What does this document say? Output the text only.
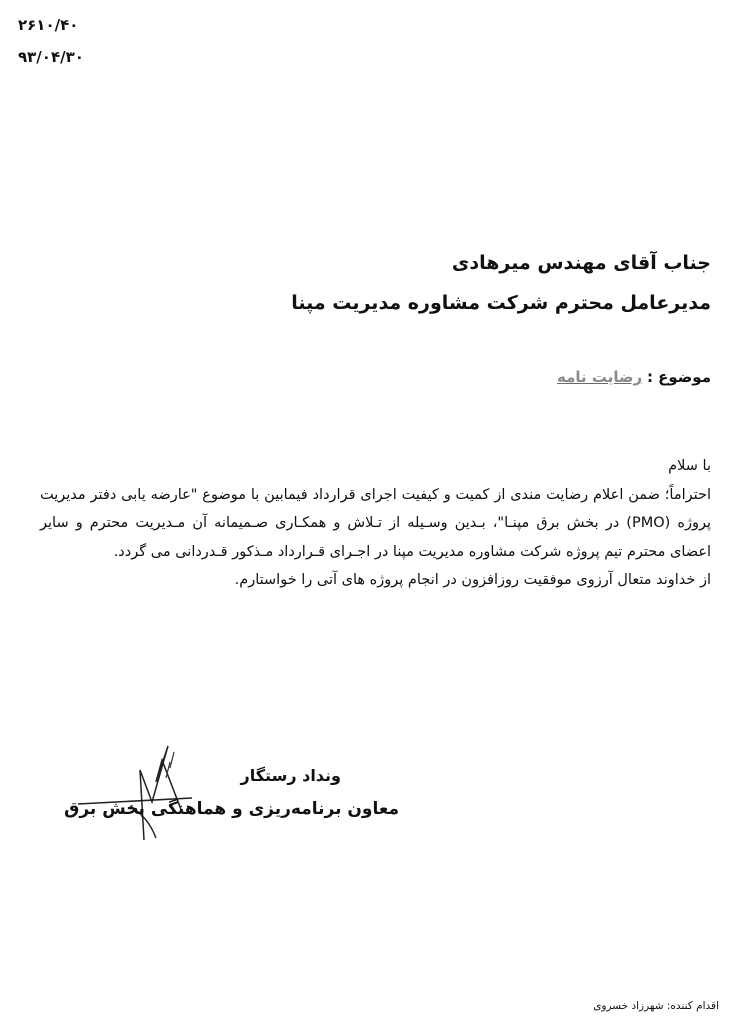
۲۶۱۰/۴۰
۹۳/۰۴/۳۰
جناب آقای مهندس میرهادی
مدیرعامل محترم شرکت مشاوره مدیریت مپنا
موضوع : رضایت نامه

با سلام

احتراماً؛ ضمن اعلام رضایت مندی از کمیت و کیفیت اجرای قرارداد فیمابین با موضوع "عارضه یابی دفتر مدیریت پروژه (PMO) در بخش برق مپنـا"، بـدین وسـیله از تـلاش و همکـاری صـمیمانه آن مـدیریت محترم و سایر اعضای محترم تیم پروژه شرکت مشاوره مدیریت مپنا در اجـرای قـرارداد مـذکور قـدردانی می گردد.

از خداوند متعال آرزوی موفقیت روزافزون در انجام پروژه های آتی را خواستارم.

ونداد رستگار
معاون برنامه‌ریزی و هماهنگی بخش برق
اقدام کننده: شهرزاد خسروی
